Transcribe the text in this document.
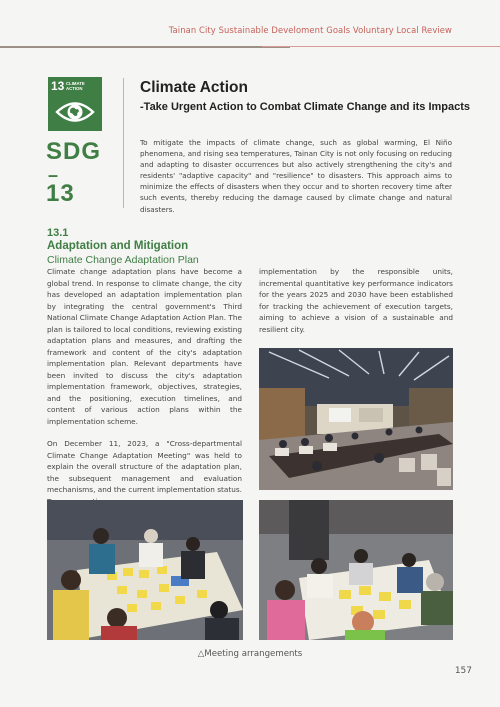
Tainan City Sustainable Develoment Goals Voluntary Local Review
13 CLIMATE ACTION
SDG
–
13
Climate Action
-Take Urgent Action to Combat Climate Change and its Impacts

To mitigate the impacts of climate change, such as global warming, El Niño phenomena, and rising sea temperatures, Tainan City is not only focusing on reducing and adapting to disaster occurrences but also actively strengthening the city's and residents' "adaptive capacity" and "resilience" to disasters. This approach aims to minimize the effects of disasters when they occur and to shorten recovery time after such events, thereby reducing the damage caused by climate change and natural disasters.

13.1
Adaptation and Mitigation
Climate Change Adaptation Plan

Climate change adaptation plans have become a global trend. In response to climate change, the city has developed an adaptation implementation plan by integrating the central government's Third National Climate Change Adaptation Action Plan. The plan is tailored to local conditions, reviewing existing adaptation plans and measures, and drafting the framework and content of the city's adaptation implementation plan. Relevant departments have been invited to discuss the city's adaptation implementation framework, objectives, strategies, and the positioning, execution timelines, and content of various action plans within the implementation scheme.

On December 11, 2023, a "Cross-departmental Climate Change Adaptation Meeting" was held to explain the overall structure of the adaptation plan, the subsequent management and evaluation mechanisms, and the current implementation status.

implementation by the responsible units, incremental quantitative key performance indicators for the years 2025 and 2030 have been established for tracking the achievement of execution targets, aiming to achieve a vision of a sustainable and resilient city.

△Meeting arrangements
157
